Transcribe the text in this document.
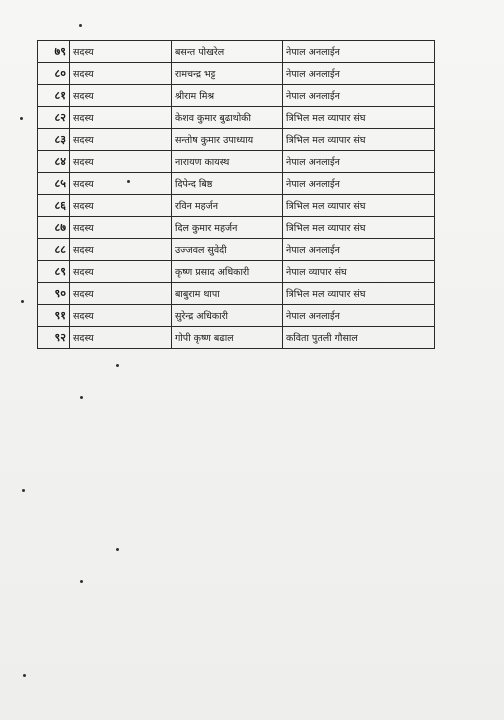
७९	सदस्य	बसन्त पोखरेल	नेपाल अनलाईन
८०	सदस्य	रामचन्द्र भट्ट	नेपाल अनलाईन
८१	सदस्य	श्रीराम मिश्र	नेपाल अनलाईन
८२	सदस्य	केशव कुमार बुढाथोकी	त्रिभिल मल व्यापार संघ
८३	सदस्य	सन्तोष कुमार उपाध्याय	त्रिभिल मल व्यापार संघ
८४	सदस्य	नारायण कायस्थ	नेपाल अनलाईन
८५	सदस्य	दिपेन्द बिष्ठ	नेपाल अनलाईन
८६	सदस्य	रविन महर्जन	त्रिभिल मल व्यापार संघ
८७	सदस्य	दिल कुमार महर्जन	त्रिभिल मल व्यापार संघ
८८	सदस्य	उज्जवल सुवेदी	नेपाल अनलाईन
८९	सदस्य	कृष्ण प्रसाद अधिकारी	नेपाल व्यापार संघ
९०	सदस्य	बाबुराम थापा	त्रिभिल मल व्यापार संघ
९१	सदस्य	सुरेन्द्र अधिकारी	नेपाल अनलाईन
९२	सदस्य	गोपी कृष्ण बढाल	कविता पुतली गौसाल
